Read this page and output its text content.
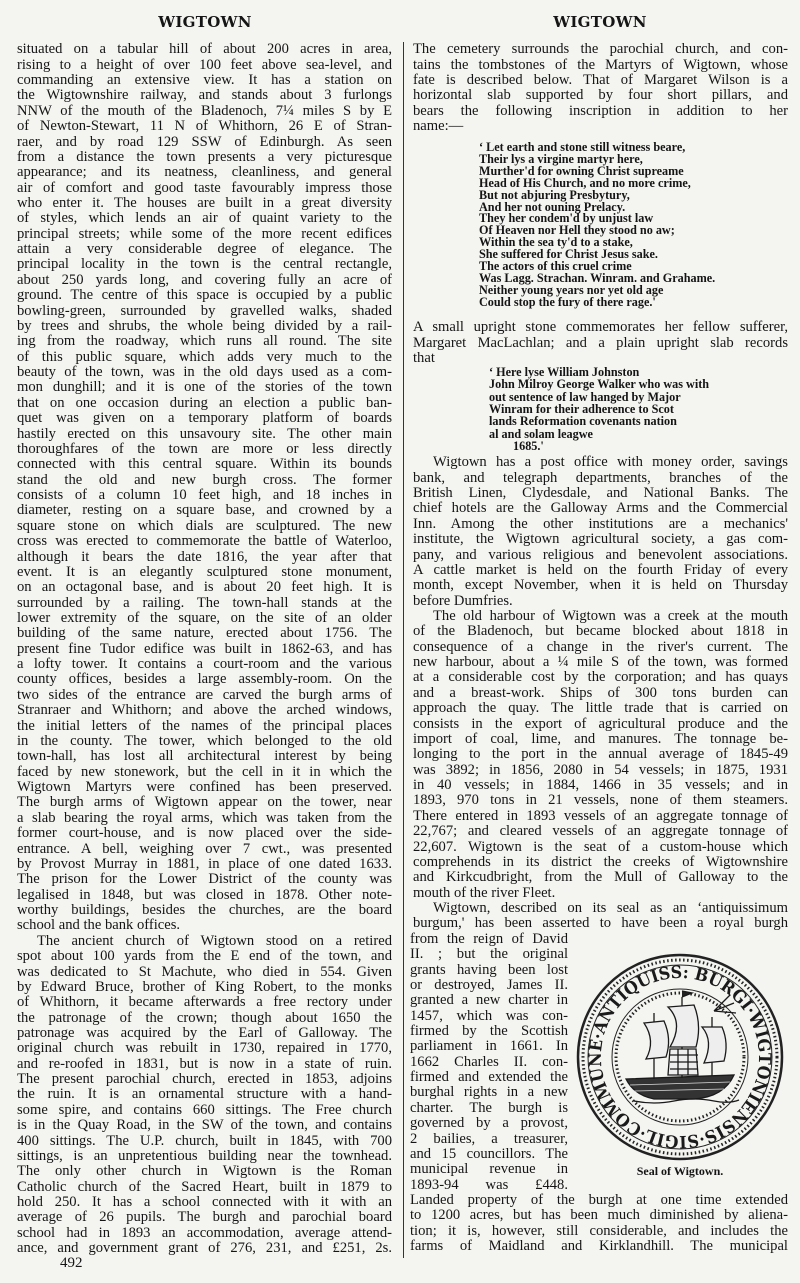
WIGTOWN	WIGTOWN
492
situated on a tabular hill of about 200 acres in area,
rising to a height of over 100 feet above sea-level, and
commanding an extensive view. It has a station on
the Wigtownshire railway, and stands about 3 furlongs
NNW of the mouth of the Bladenoch, 7¼ miles S by E
of Newton-Stewart, 11 N of Whithorn, 26 E of Stran-
raer, and by road 129 SSW of Edinburgh. As seen
from a distance the town presents a very picturesque
appearance; and its neatness, cleanliness, and general
air of comfort and good taste favourably impress those
who enter it. The houses are built in a great diversity
of styles, which lends an air of quaint variety to the
principal streets; while some of the more recent edifices
attain a very considerable degree of elegance. The
principal locality in the town is the central rectangle,
about 250 yards long, and covering fully an acre of
ground. The centre of this space is occupied by a public
bowling-green, surrounded by gravelled walks, shaded
by trees and shrubs, the whole being divided by a rail-
ing from the roadway, which runs all round. The site
of this public square, which adds very much to the
beauty of the town, was in the old days used as a com-
mon dunghill; and it is one of the stories of the town
that on one occasion during an election a public ban-
quet was given on a temporary platform of boards
hastily erected on this unsavoury site. The other main
thoroughfares of the town are more or less directly
connected with this central square. Within its bounds
stand the old and new burgh cross. The former
consists of a column 10 feet high, and 18 inches in
diameter, resting on a square base, and crowned by a
square stone on which dials are sculptured. The new
cross was erected to commemorate the battle of Waterloo,
although it bears the date 1816, the year after that
event. It is an elegantly sculptured stone monument,
on an octagonal base, and is about 20 feet high. It is
surrounded by a railing. The town-hall stands at the
lower extremity of the square, on the site of an older
building of the same nature, erected about 1756. The
present fine Tudor edifice was built in 1862-63, and has
a lofty tower. It contains a court-room and the various
county offices, besides a large assembly-room. On the
two sides of the entrance are carved the burgh arms of
Stranraer and Whithorn; and above the arched windows,
the initial letters of the names of the principal places
in the county. The tower, which belonged to the old
town-hall, has lost all architectural interest by being
faced by new stonework, but the cell in it in which the
Wigtown Martyrs were confined has been preserved.
The burgh arms of Wigtown appear on the tower, near
a slab bearing the royal arms, which was taken from the
former court-house, and is now placed over the side-
entrance. A bell, weighing over 7 cwt., was presented
by Provost Murray in 1881, in place of one dated 1633.
The prison for the Lower District of the county was
legalised in 1848, but was closed in 1878. Other note-
worthy buildings, besides the churches, are the board
school and the bank offices.
The ancient church of Wigtown stood on a retired
spot about 100 yards from the E end of the town, and
was dedicated to St Machute, who died in 554. Given
by Edward Bruce, brother of King Robert, to the monks
of Whithorn, it became afterwards a free rectory under
the patronage of the crown; though about 1650 the
patronage was acquired by the Earl of Galloway. The
original church was rebuilt in 1730, repaired in 1770,
and re-roofed in 1831, but is now in a state of ruin.
The present parochial church, erected in 1853, adjoins
the ruin. It is an ornamental structure with a hand-
some spire, and contains 660 sittings. The Free church
is in the Quay Road, in the SW of the town, and contains
400 sittings. The U.P. church, built in 1845, with 700
sittings, is an unpretentious building near the townhead.
The only other church in Wigtown is the Roman
Catholic church of the Sacred Heart, built in 1879 to
hold 250. It has a school connected with it with an
average of 26 pupils. The burgh and parochial board
school had in 1893 an accommodation, average attend-
ance, and government grant of 276, 231, and £251, 2s.
The cemetery surrounds the parochial church, and con-
tains the tombstones of the Martyrs of Wigtown, whose
fate is described below. That of Margaret Wilson is a
horizontal slab supported by four short pillars, and
bears the following inscription in addition to her
name:—
‘ Let earth and stone still witness beare,
Their lys a virgine martyr here,
Murther'd for owning Christ supreame
Head of His Church, and no more crime,
But not abjuring Presbytury,
And her not ouning Prelacy.
They her condem'd by unjust law
Of Heaven nor Hell they stood no aw;
Within the sea ty'd to a stake,
She suffered for Christ Jesus sake.
The actors of this cruel crime
Was Lagg. Strachan. Winram. and Grahame.
Neither young years nor yet old age
Could stop the fury of there rage.'
A small upright stone commemorates her fellow sufferer,
Margaret MacLachlan; and a plain upright slab records
that
‘ Here lyse William Johnston
John Milroy George Walker who was with
out sentence of law hanged by Major
Winram for their adherence to Scot
lands Reformation covenants nation
al and solam leagwe
1685.'
Wigtown has a post office with money order, savings
bank, and telegraph departments, branches of the
British Linen, Clydesdale, and National Banks. The
chief hotels are the Galloway Arms and the Commercial
Inn. Among the other institutions are a mechanics'
institute, the Wigtown agricultural society, a gas com-
pany, and various religious and benevolent associations.
A cattle market is held on the fourth Friday of every
month, except November, when it is held on Thursday
before Dumfries.
The old harbour of Wigtown was a creek at the mouth
of the Bladenoch, but became blocked about 1818 in
consequence of a change in the river's current. The
new harbour, about a ¼ mile S of the town, was formed
at a considerable cost by the corporation; and has quays
and a breast-work. Ships of 300 tons burden can
approach the quay. The little trade that is carried on
consists in the export of agricultural produce and the
import of coal, lime, and manures. The tonnage be-
longing to the port in the annual average of 1845-49
was 3892; in 1856, 2080 in 54 vessels; in 1875, 1931
in 40 vessels; in 1884, 1466 in 35 vessels; and in
1893, 970 tons in 21 vessels, none of them steamers.
There entered in 1893 vessels of an aggregate tonnage of
22,767; and cleared vessels of an aggregate tonnage of
22,607. Wigtown is the seat of a custom-house which
comprehends in its district the creeks of Wigtownshire
and Kirkcudbright, from the Mull of Galloway to the
mouth of the river Fleet.
Wigtown, described on its seal as an ‘antiquissimum
burgum,' has been asserted to have been a royal burgh
from the reign of David
II. ; but the original
grants having been lost
or destroyed, James II.
granted a new charter in
1457, which was con-
firmed by the Scottish
parliament in 1661. In
1662 Charles II. con-
firmed and extended the
burghal rights in a new
charter. The burgh is
governed by a provost,
2 bailies, a treasurer,
and 15 councillors. The
municipal revenue in
1893-94 was £448.
Landed property of the burgh at one time extended
to 1200 acres, but has been much diminished by aliena-
tion; it is, however, still considerable, and includes the
farms of Maidland and Kirklandhill. The municipal
BURGI·WIGTONIENSIS·SIGIL·COMMUNE·ANTIQUISS:
Seal of Wigtown.
